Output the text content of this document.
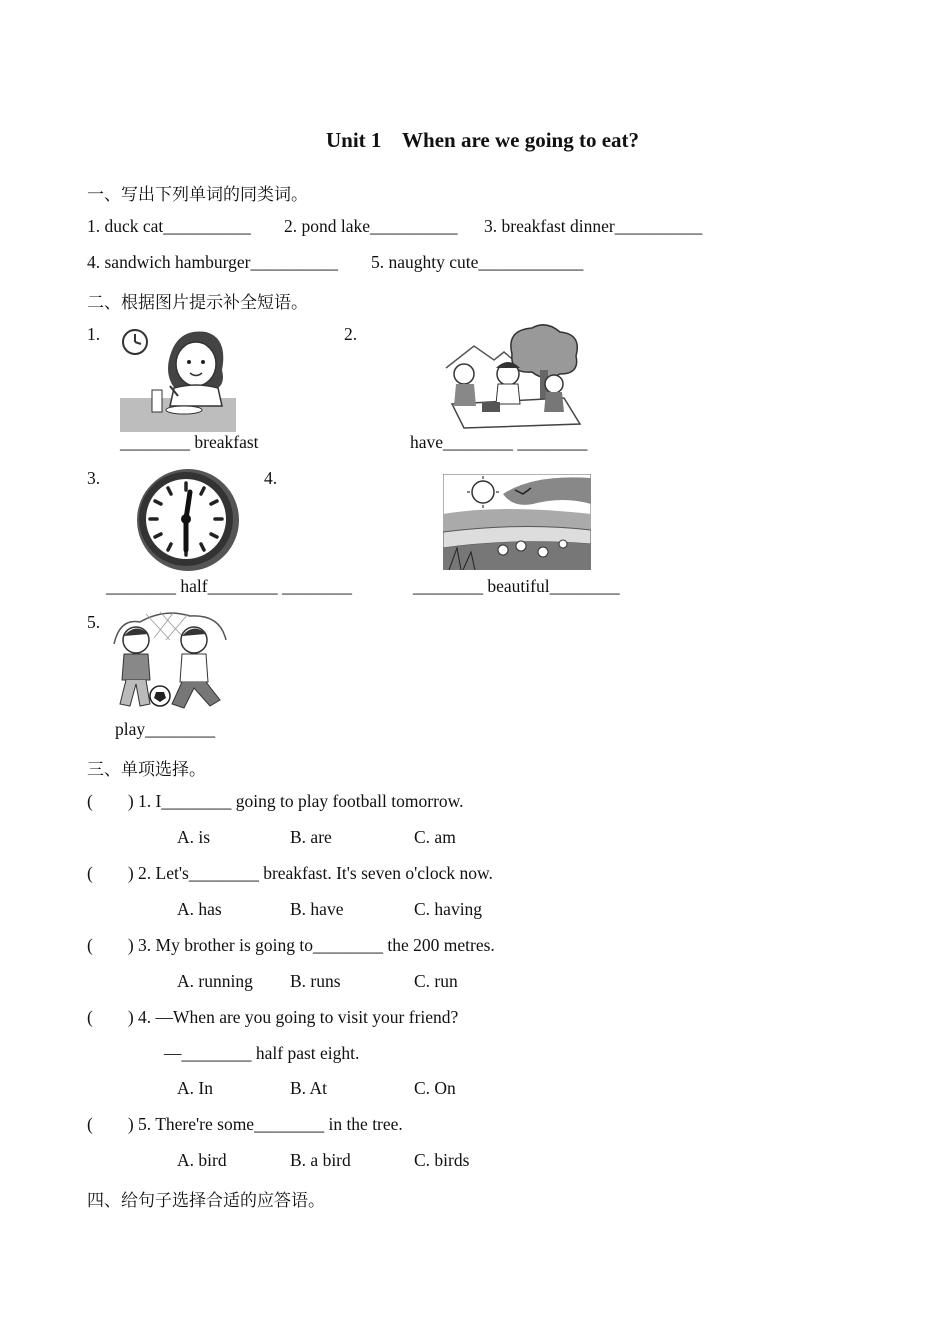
Unit 1    When are we going to eat?
一、写出下列单词的同类词。
1. duck cat__________ 2. pond lake__________ 3. breakfast dinner__________
4. sandwich hamburger__________ 5. naughty cute____________
二、根据图片提示补全短语。
1.
________ breakfast
2.
have________ ________
3.
________ half________ ________
4.
________ beautiful________
5.
play________
三、单项选择。
(        ) 1. I________ going to play football tomorrow.
A. is	B. are	C. am
(        ) 2. Let's________ breakfast. It's seven o'clock now.
A. has	B. have	C. having
(        ) 3. My brother is going to________ the 200 metres.
A. running B. runs	C. run
(        ) 4. —When are you going to visit your friend?
—________ half past eight.
A. In	B. At	C. On
(        ) 5. There're some________ in the tree.
A. bird	B. a bird	C. birds
四、给句子选择合适的应答语。
